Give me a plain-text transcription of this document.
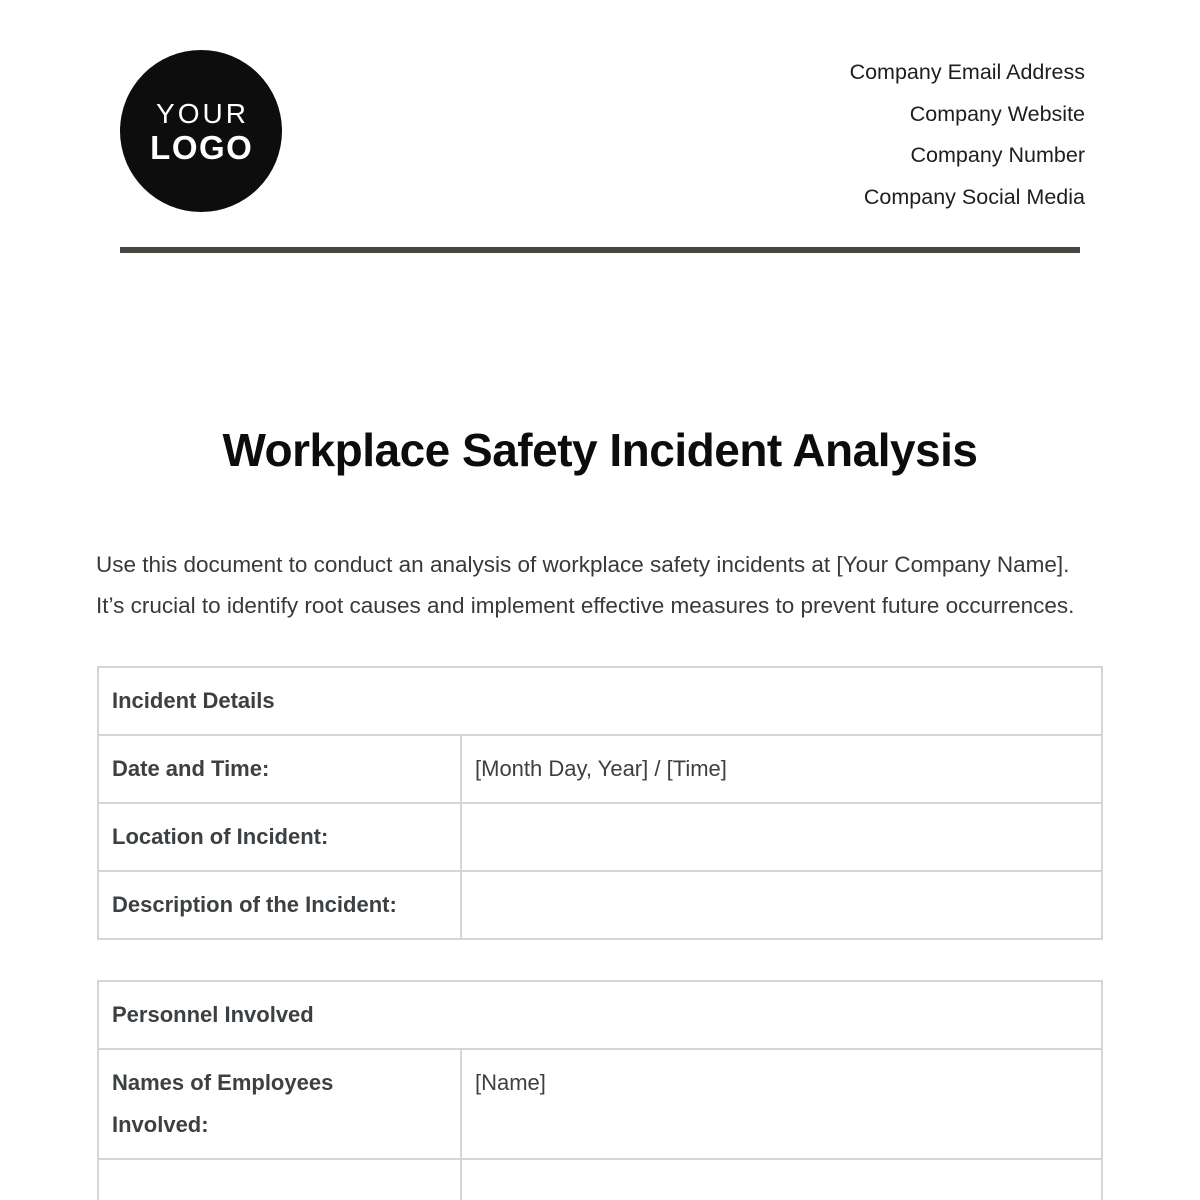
YOUR
LOGO
Company Email Address
Company Website
Company Number
Company Social Media
Workplace Safety Incident Analysis

Use this document to conduct an analysis of workplace safety incidents at [Your Company Name]. It’s crucial to identify root causes and implement effective measures to prevent future occurrences.

Incident Details	
Date and Time:	[Month Day, Year] / [Time]
Location of Incident:	
Description of the Incident:	
Personnel Involved	
Names of Employees Involved:	[Name]
